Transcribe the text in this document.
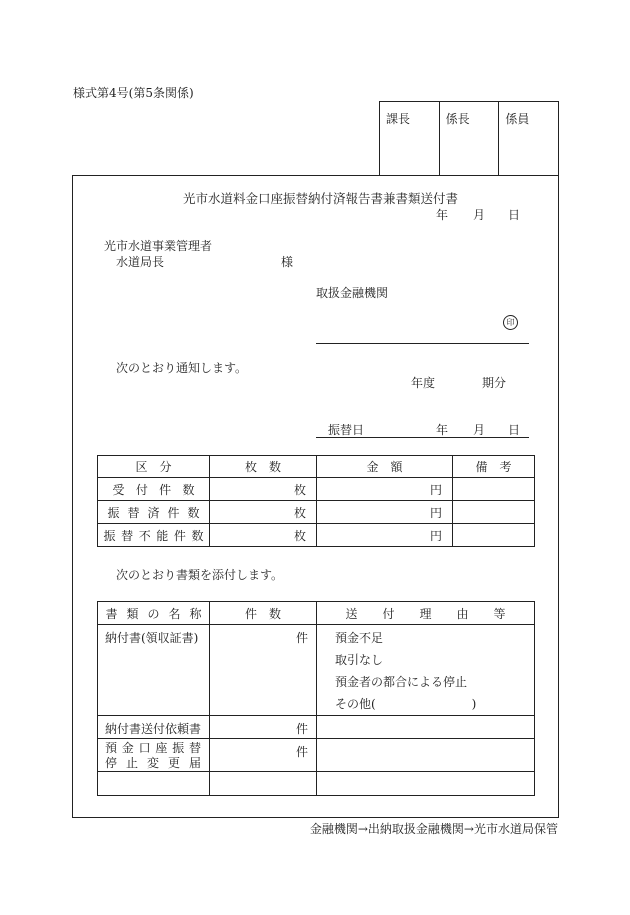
様式第4号(第5条関係)
課長	係長	係員
光市水道料金口座振替納付済報告書兼書類送付書
年 月 日
光市水道事業管理者
水道局長	様
取扱金融機関
印
次のとおり通知します。
年度	期分
振替日	年 月 日
区　分	枚　数	金　額	備　考
受付件数	枚	円	
振替済件数	枚	円	
振替不能件数	枚	円	
次のとおり書類を添付します。
書類の名称	件　数	送付理由等
納付書(領収証書)	件	預金不足
取引なし
預金者の都合による停止
その他(　　　　　　　　)

納付書送付依頼書	件	

預金口座振替
停止変更届	件	

金融機関→出納取扱金融機関→光市水道局保管
